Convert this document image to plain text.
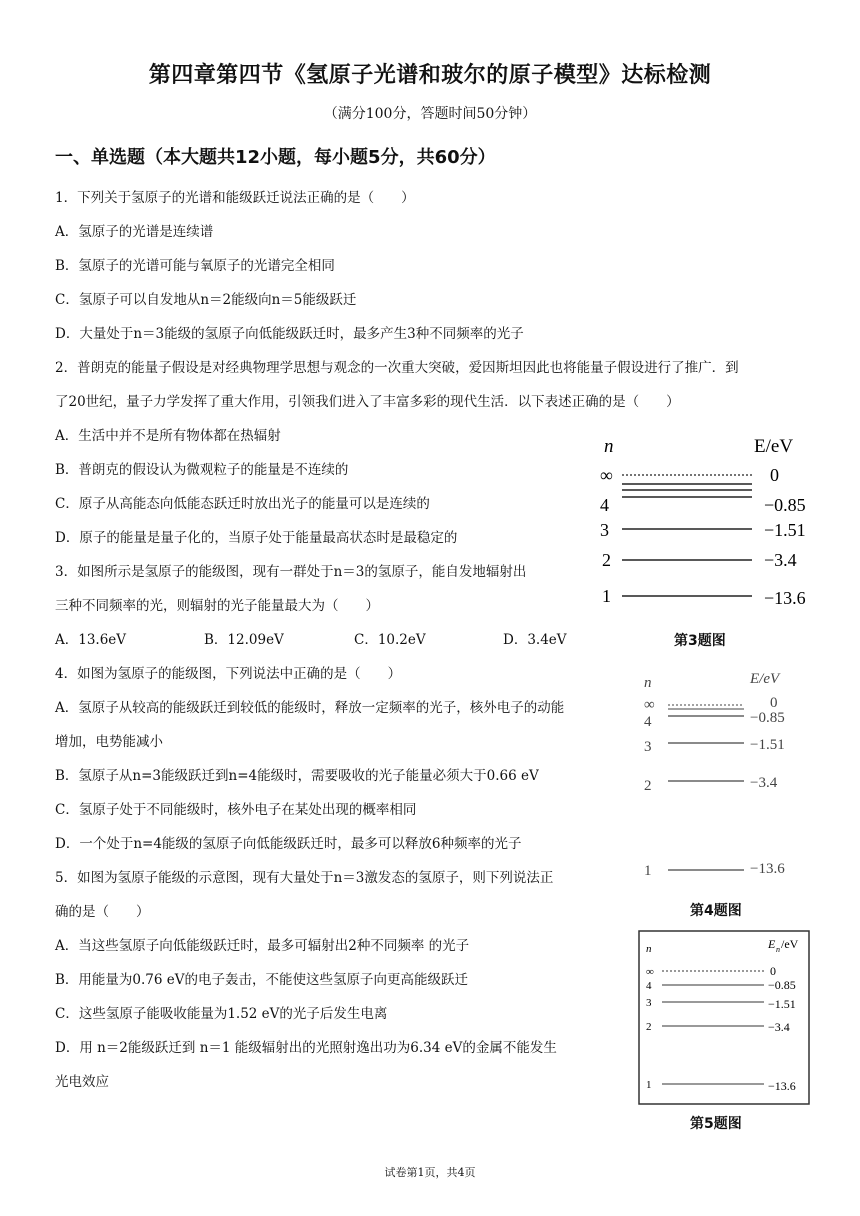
第四章第四节《氢原子光谱和玻尔的原子模型》达标检测
（满分100分，答题时间50分钟）
一、单选题（本大题共12小题，每小题5分，共60分）
1．下列关于氢原子的光谱和能级跃迁说法正确的是（　　）
A．氢原子的光谱是连续谱
B．氢原子的光谱可能与氧原子的光谱完全相同
C．氢原子可以自发地从n＝2能级向n＝5能级跃迁
D．大量处于n＝3能级的氢原子向低能级跃迁时，最多产生3种不同频率的光子
2．普朗克的能量子假设是对经典物理学思想与观念的一次重大突破，爱因斯坦因此也将能量子假设进行了推广．到
了20世纪，量子力学发挥了重大作用，引领我们进入了丰富多彩的现代生活．以下表述正确的是（　　）
A．生活中并不是所有物体都在热辐射
B．普朗克的假设认为微观粒子的能量是不连续的
C．原子从高能态向低能态跃迁时放出光子的能量可以是连续的
D．原子的能量是量子化的，当原子处于能量最高状态时是最稳定的
3．如图所示是氢原子的能级图，现有一群处于n＝3的氢原子，能自发地辐射出
三种不同频率的光，则辐射的光子能量最大为（　　）
A．13.6eV	B．12.09eV	C．10.2eV	D．3.4eV
4．如图为氢原子的能级图，下列说法中正确的是（　　）
A．氢原子从较高的能级跃迁到较低的能级时，释放一定频率的光子，核外电子的动能
增加，电势能减小
B．氢原子从n=3能级跃迁到n=4能级时，需要吸收的光子能量必须大于0.66 eV
C．氢原子处于不同能级时，核外电子在某处出现的概率相同
D．一个处于n=4能级的氢原子向低能级跃迁时，最多可以释放6种频率的光子
5．如图为氢原子能级的示意图，现有大量处于n＝3激发态的氢原子，则下列说法正
确的是（　　）
A．当这些氢原子向低能级跃迁时，最多可辐射出2种不同频率 的光子
B．用能量为0.76 eV的电子轰击，不能使这些氢原子向更高能级跃迁
C．这些氢原子能吸收能量为1.52 eV的光子后发生电离
D．用 n＝2能级跃迁到 n＝1 能级辐射出的光照射逸出功为6.34 eV的金属不能发生
光电效应
n	E/eV
∞	0
4	−0.85
3	−1.51
2	−3.4
1	−13.6
第3题图
n	E/eV
∞	0
4	−0.85
3	−1.51
2	−3.4
1	−13.6
第4题图
n	E n /eV
∞	0
4	−0.85
3	−1.51
2	−3.4
1	−13.6
第5题图
试卷第1页，共4页
